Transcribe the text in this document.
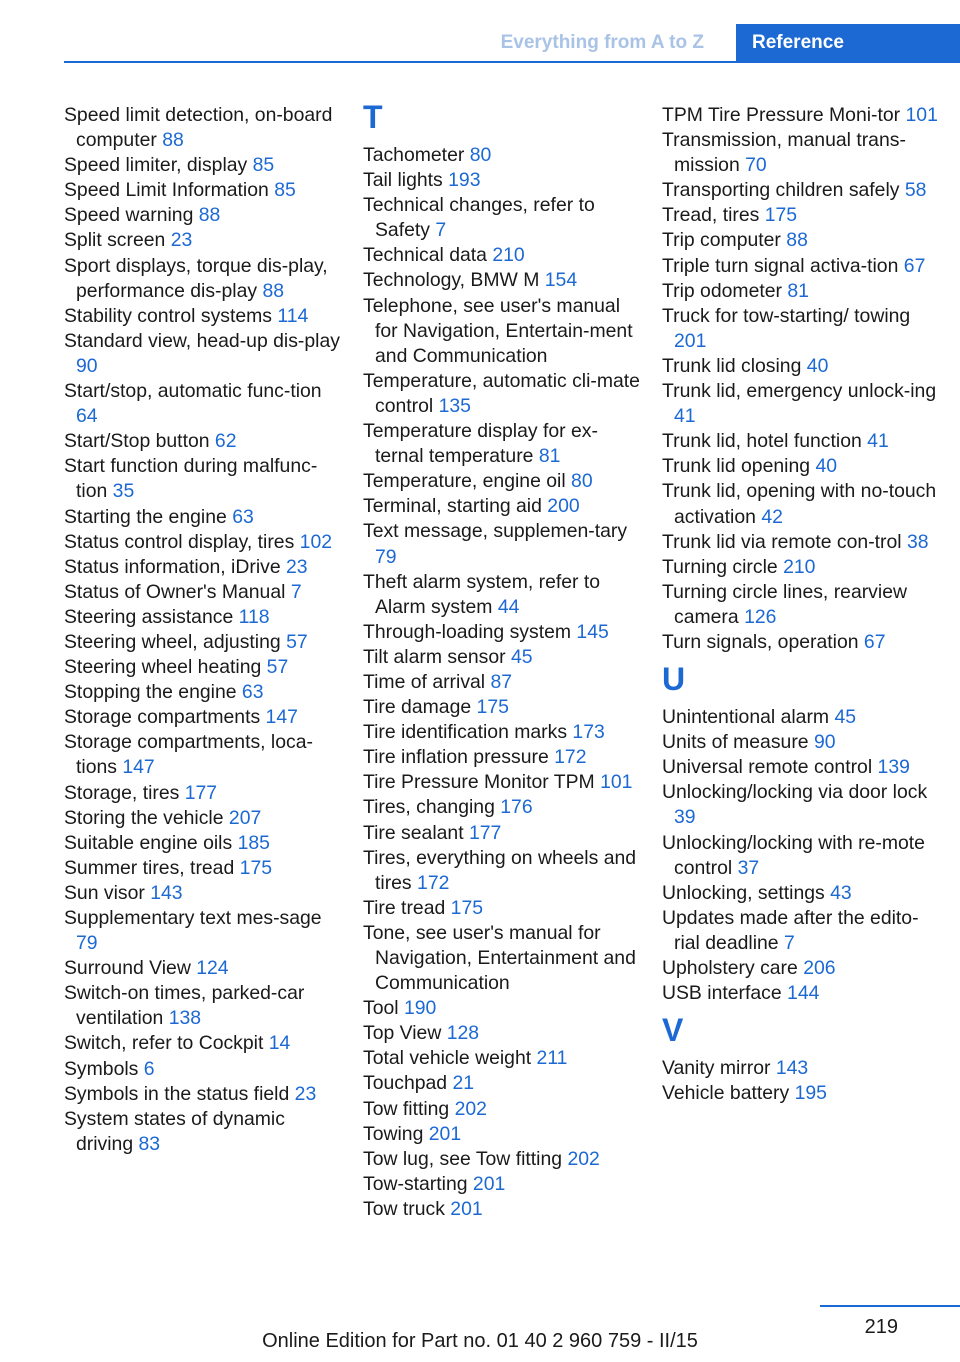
Everything from A to Z	Reference
Speed limit detection, on-board computer 88
Speed limiter, display 85
Speed Limit Information 85
Speed warning 88
Split screen 23
Sport displays, torque dis-play, performance dis-play 88
Stability control systems 114
Standard view, head-up dis-play 90
Start/stop, automatic func-tion 64
Start/Stop button 62
Start function during malfunc-tion 35
Starting the engine 63
Status control display, tires 102
Status information, iDrive 23
Status of Owner's Manual 7
Steering assistance 118
Steering wheel, adjusting 57
Steering wheel heating 57
Stopping the engine 63
Storage compartments 147
Storage compartments, loca-tions 147
Storage, tires 177
Storing the vehicle 207
Suitable engine oils 185
Summer tires, tread 175
Sun visor 143
Supplementary text mes-sage 79
Surround View 124
Switch-on times, parked-car ventilation 138
Switch, refer to Cockpit 14
Symbols 6
Symbols in the status field 23
System states of dynamic driving 83
T
Tachometer 80
Tail lights 193
Technical changes, refer to Safety 7
Technical data 210
Technology, BMW M 154
Telephone, see user's manual for Navigation, Entertain-ment and Communication
Temperature, automatic cli-mate control 135
Temperature display for ex-ternal temperature 81
Temperature, engine oil 80
Terminal, starting aid 200
Text message, supplemen-tary 79
Theft alarm system, refer to Alarm system 44
Through-loading system 145
Tilt alarm sensor 45
Time of arrival 87
Tire damage 175
Tire identification marks 173
Tire inflation pressure 172
Tire Pressure Monitor TPM 101
Tires, changing 176
Tire sealant 177
Tires, everything on wheels and tires 172
Tire tread 175
Tone, see user's manual for Navigation, Entertainment and Communication
Tool 190
Top View 128
Total vehicle weight 211
Touchpad 21
Tow fitting 202
Towing 201
Tow lug, see Tow fitting 202
Tow-starting 201
Tow truck 201
TPM Tire Pressure Moni-tor 101
Transmission, manual trans-mission 70
Transporting children safely 58
Tread, tires 175
Trip computer 88
Triple turn signal activa-tion 67
Trip odometer 81
Truck for tow-starting/ towing 201
Trunk lid closing 40
Trunk lid, emergency unlock-ing 41
Trunk lid, hotel function 41
Trunk lid opening 40
Trunk lid, opening with no-touch activation 42
Trunk lid via remote con-trol 38
Turning circle 210
Turning circle lines, rearview camera 126
Turn signals, operation 67
U
Unintentional alarm 45
Units of measure 90
Universal remote control 139
Unlocking/locking via door lock 39
Unlocking/locking with re-mote control 37
Unlocking, settings 43
Updates made after the edito-rial deadline 7
Upholstery care 206
USB interface 144
V
Vanity mirror 143
Vehicle battery 195
219
Online Edition for Part no. 01 40 2 960 759 - II/15
